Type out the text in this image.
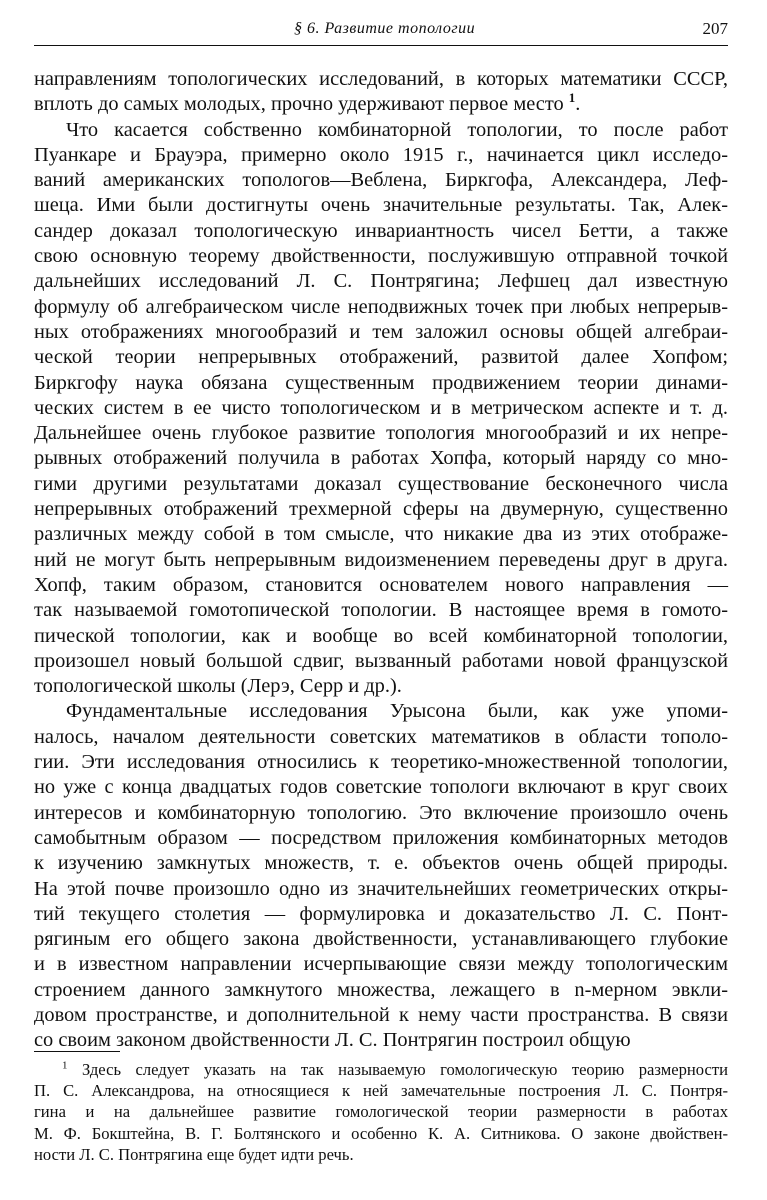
§ 6. Развитие топологии	207

направлениям топологических исследований, в которых математики СССР,
вплоть до самых молодых, прочно удерживают первое место $^1$.

Что касается собственно комбинаторной топологии, то после работ
Пуанкаре и Брауэра, примерно около 1915 г., начинается цикл исследо-
ваний американских топологов—Веблена, Биркгофа, Александера, Леф-
шеца. Ими были достигнуты очень значительные результаты. Так, Алек-
сандер доказал топологическую инвариантность чисел Бетти, а также
свою основную теорему двойственности, послужившую отправной точкой
дальнейших исследований Л. С. Понтрягина; Лефшец дал известную
формулу об алгебраическом числе неподвижных точек при любых непрерыв-
ных отображениях многообразий и тем заложил основы общей алгебраи-
ческой теории непрерывных отображений, развитой далее Хопфом;
Биркгофу наука обязана существенным продвижением теории динами-
ческих систем в ее чисто топологическом и в метрическом аспекте и т. д.
Дальнейшее очень глубокое развитие топология многообразий и их непре-
рывных отображений получила в работах Хопфа, который наряду со мно-
гими другими результатами доказал существование бесконечного числа
непрерывных отображений трехмерной сферы на двумерную, существенно
различных между собой в том смысле, что никакие два из этих отображе-
ний не могут быть непрерывным видоизменением переведены друг в друга.
Хопф, таким образом, становится основателем нового направления —
так называемой гомотопической топологии. В настоящее время в гомото-
пической топологии, как и вообще во всей комбинаторной топологии,
произошел новый большой сдвиг, вызванный работами новой французской
топологической школы (Лерэ, Серр и др.).

Фундаментальные исследования Урысона были, как уже упоми-
налось, началом деятельности советских математиков в области тополо-
гии. Эти исследования относились к теоретико-множественной топологии,
но уже с конца двадцатых годов советские топологи включают в круг своих
интересов и комбинаторную топологию. Это включение произошло очень
самобытным образом — посредством приложения комбинаторных методов
к изучению замкнутых множеств, т. е. объектов очень общей природы.
На этой почве произошло одно из значительнейших геометрических откры-
тий текущего столетия — формулировка и доказательство Л. С. Понт-
рягиным его общего закона двойственности, устанавливающего глубокие
и в известном направлении исчерпывающие связи между топологическим
строением данного замкнутого множества, лежащего в n-мерном эвкли-
довом пространстве, и дополнительной к нему части пространства. В связи
со своим законом двойственности Л. С. Понтрягин построил общую

$^1$ Здесь следует указать на так называемую гомологическую теорию размерности
П. С. Александрова, на относящиеся к ней замечательные построения Л. С. Понтря-
гина и на дальнейшее развитие гомологической теории размерности в работах
М. Ф. Бокштейна, В. Г. Болтянского и особенно К. А. Ситникова. О законе двойствен-
ности Л. С. Понтрягина еще будет идти речь.
